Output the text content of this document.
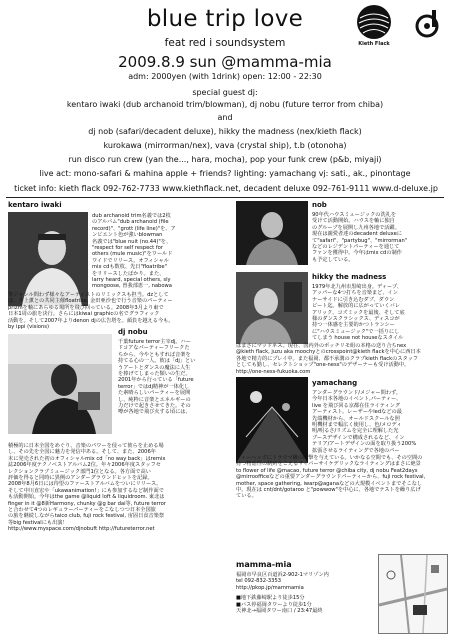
blue trip love
feat red i soundsystem
2009.8.9 sun @mamma-mia
adm: 2000yen (with 1drink) open: 12:00 - 22:30
special guest dj:
kentaro iwaki (dub archanoid trim/blowman), dj nobu (future terror from chiba)
and
dj nob (safari/decadent deluxe), hikky the madness (nex/kieth flack)
kurokawa (mirrorman/nex), vava (crystal ship), t.b (otonoha)
run disco run crew (yan the..., hara, mocha), pop your funk crew (p&b, miyaji)
live act: mono-safari & mahina apple + friends? lighting: yamachang vj: sati., ak., pinontage
ticket info: kieth flack 092-762-7733 www.kiethflack.net, decadent deluxe 092-761-9111 www.d-deluxe.jp
Kieth Flack
kentaro iwaki
dub archanoid trim名義では2枚
のアルバム"dub archanoid (file
record)"、"grott (life line)"を、ア
ンビエント色が強いblowman
名義では"blue nuit (no.44)"を、
"respect for self respect for
others (mule music)"をワールド
ワイドでリリース。オフィシャル
mix cdも数枚、先日"floatribe"
をリリースしたばかり。また、
larry heard, special others, sly
mongoose, 曽我部恵一, nabowa
等ジャンル問わず様々なアーティストのリミックスも担当。dzとして
は、井上薫との共同主催floatribe, 金田亜沙也で行う音楽のパーティー
prizmを軸にあらゆる場所を飛び回っている。2008年3月より東で
日本1周の旅を決行。さらにはkiwai graphicの名でグラフィック
活動を。そして2007年よりdenon djの広告塔を。顔負を越える今も。
by ippi (visions)
dj nobu
千葉future terror主宰dj。ハー
ドコアなパーティーフリークた
ちから、今やともすれば音楽を
持てる心の一人。彼は「dj」とい
うアートとダンスの魔法に人生
を捧げてしまった類いの生だ。
2001年から行っている「future
terror」ではdj精神が一体化し
た素晴らしいパーティーを展開
し、純粋に音楽とエネルギーの
力だけで起きさせてきた。その
噂が各地で飛び火する頃には、
積極的に日本全国をめぐり、音楽のパワーを侵って彼らを止める場
し、その先を全国に魅力を発信中ある。そして、また、2006年
末に発売された初のオフィシャルmix cd「no way back」はremix
誌2006年度テクノベストアルバム2位。年々2006年度スタッフセ
レクションクラブミュージック部門1位となる。各方面で高い
評価を得ると同時に異例のアンダーグラウンドヒットを記録。
2008年8月6日には待望のファーストアルバムをついにリリース。
そして中川直宏や「ukawanimation!」にも参加するなど制作面で
も活動開始。今年はthe game @liquid loft & liquidroom. 東北は
finger in it @8新Harmony, chunky @g bar dai等, future terror
と合わせて4つのレギュラーパーティーをこなしつつ日本全国旅
の旅を継続しながらtaico club, fuji rock festival, 宙固日食音楽祭
等big festivalにも出演！
http://www.myspace.com/djnobuft http://futureterror.net
nob
90年代ハウスミュージックの洗礼を
受けて活動開始。ハウスを軸に独自
のグルーブを展開し九州各地で活躍。
現在は親愛者達のdecadent deluxeに
て"safari"、"partybug"、"mirrorman"
などのレジデントパーティーを通じて
ファンを獲得中。今年はmix cdの制作
も予定している。
hikky the madness
1979年北九州市黒崎出身。ディープ、
アッパーな4つ打ちを音楽まど、イン
ナーサイドに引き込むダブ、ダウン
ビート迄。解放的に広がっていくバレ
アリック、コズミックを最後、そして底
様のダンスクラシックス、ディスコが
持つ一体感を主要的かつトランシー
に"ハウスミュージック"で一括りにし
てしまう house not houseなスタイル
はまさにマッドネス。現在、国内外のポッチリモ組の本格の送り合ちnex
@kieth flack, juzu aka moochyとのcrosspoint@kieth flackを中心に西日本
各地で精力的にプレイ中。また福岡、都不承溝のクラブkieth flackのスタッフ
としても勤し、セレクトショップ"one-ness"のデザーナーも受け活動中。
http://one-ness-fukuoka.com
yamachang
アンダーグラウンド/メジャー問わず。
今年日本各地のイベント,パーティー、
live を飛び回る京都在住ライティング
アーティスト。レーザーやledなどの最
先端機材から、オールドスクールな照
明機材まで幅広く使用し、色/メロディ
明/明るさ/リズムを完全に理解した光
ブースデザインで構成されるなど、イン
テリア/アートデザインの面を取り扱う200%
拡張させるライティングで各地のパー
ティーヘッズにトラウマ級の衝撃を与えている。いかなる空間でも、その空間の
持つ物語性の制約をこえるサイバーサイケデリックなライティングはまさに絶景
to flower of life @macao, future terror @chiba city, dj nobu Feat2days
@mirroofficeなどの重要アンダーグラウンドパーティーから、fuji rock festival,
mother, space gathering, iwarp@aganaなどの大規模イベントまでそこなし
中。現在は cnt/dnt/gotaroo と"powwow"を中心に、各地でテストを繰り広げ
ている。
mamma-mia
福岡市早良区百道浜2-902-1マリゾン内
tel 092-832-3353
http://pkop.jp/mammamia
■地下鉄藤崎駅より徒歩15分
■バス停福岡タワーより徒歩1分
天神北→福岡タワー南口 / 23:47最終
